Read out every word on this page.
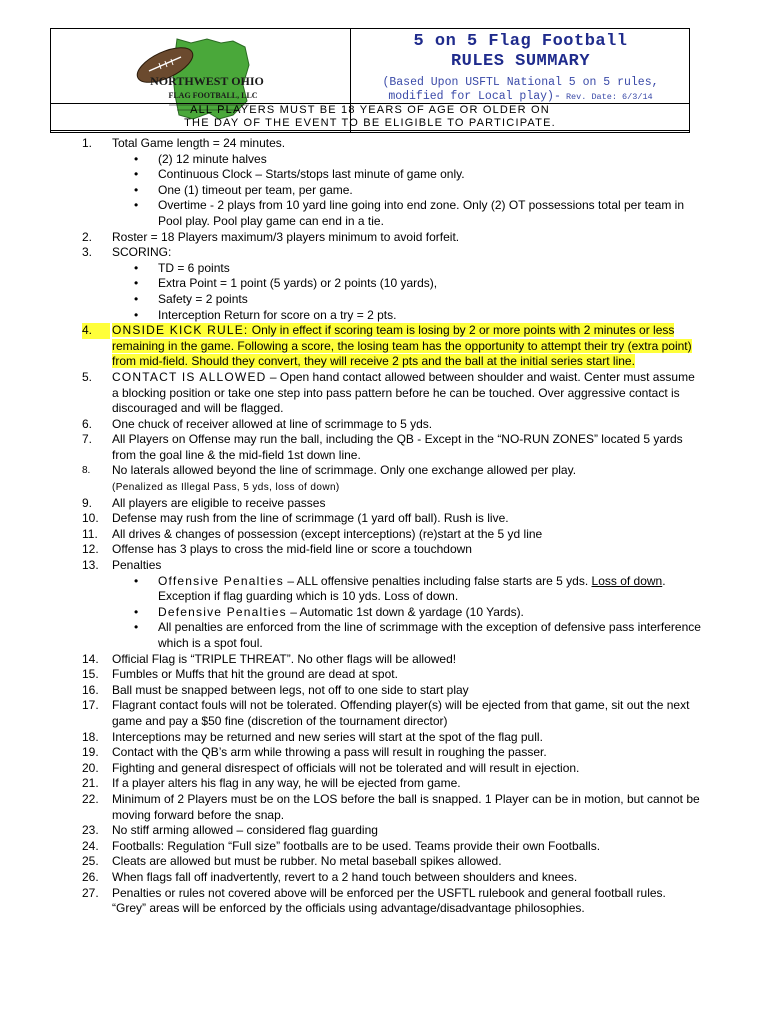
NORTHWEST OHIO
FLAG FOOTBALL, LLC
5 on 5 Flag Football
RULES SUMMARY
(Based Upon USFTL National 5 on 5 rules, modified for Local play)- Rev. Date: 6/3/14
ALL PLAYERS MUST BE 18 YEARS OF AGE OR OLDER ON
THE DAY OF THE EVENT TO BE ELIGIBLE TO PARTICIPATE.
1.	Total Game length = 24 minutes.
• (2) 12 minute halves
• Continuous Clock – Starts/stops last minute of game only.
• One (1) timeout per team, per game.
• Overtime - 2 plays from 10 yard line going into end zone. Only (2) OT possessions total per team in Pool play. Pool play game can end in a tie.
2.	Roster = 18 Players maximum/3 players minimum to avoid forfeit.
3.	SCORING:
• TD = 6 points
• Extra Point = 1 point (5 yards) or 2 points (10 yards),
• Safety = 2 points
• Interception Return for score on a try = 2 pts.
4.	ONSIDE KICK RULE: Only in effect if scoring team is losing by 2 or more points with 2 minutes or less remaining in the game. Following a score, the losing team has the opportunity to attempt their try (extra point) from mid-field. Should they convert, they will receive 2 pts and the ball at the initial series start line.
5.	CONTACT IS ALLOWED – Open hand contact allowed between shoulder and waist. Center must assume a blocking position or take one step into pass pattern before he can be touched. Over aggressive contact is discouraged and will be flagged.
6.	One chuck of receiver allowed at line of scrimmage to 5 yds.
7.	All Players on Offense may run the ball, including the QB - Except in the “NO-RUN ZONES” located 5 yards from the goal line & the mid-field 1st down line.
8.	No laterals allowed beyond the line of scrimmage. Only one exchange allowed per play.
(Penalized as Illegal Pass, 5 yds, loss of down)
9.	All players are eligible to receive passes
10.	Defense may rush from the line of scrimmage (1 yard off ball). Rush is live.
11.	All drives & changes of possession (except interceptions) (re)start at the 5 yd line
12.	Offense has 3 plays to cross the mid-field line or score a touchdown
13.	Penalties
• Offensive Penalties – ALL offensive penalties including false starts are 5 yds. Loss of down. Exception if flag guarding which is 10 yds. Loss of down.
• Defensive Penalties – Automatic 1st down & yardage (10 Yards).
• All penalties are enforced from the line of scrimmage with the exception of defensive pass interference which is a spot foul.
14.	Official Flag is “TRIPLE THREAT”. No other flags will be allowed!
15.	Fumbles or Muffs that hit the ground are dead at spot.
16.	Ball must be snapped between legs, not off to one side to start play
17.	Flagrant contact fouls will not be tolerated. Offending player(s) will be ejected from that game, sit out the next game and pay a $50 fine (discretion of the tournament director)
18.	Interceptions may be returned and new series will start at the spot of the flag pull.
19.	Contact with the QB’s arm while throwing a pass will result in roughing the passer.
20.	Fighting and general disrespect of officials will not be tolerated and will result in ejection.
21.	If a player alters his flag in any way, he will be ejected from game.
22.	Minimum of 2 Players must be on the LOS before the ball is snapped. 1 Player can be in motion, but cannot be moving forward before the snap.
23.	No stiff arming allowed – considered flag guarding
24.	Footballs: Regulation “Full size” footballs are to be used. Teams provide their own Footballs.
25.	Cleats are allowed but must be rubber. No metal baseball spikes allowed.
26.	When flags fall off inadvertently, revert to a 2 hand touch between shoulders and knees.
27.	Penalties or rules not covered above will be enforced per the USFTL rulebook and general football rules. “Grey” areas will be enforced by the officials using advantage/disadvantage philosophies.
